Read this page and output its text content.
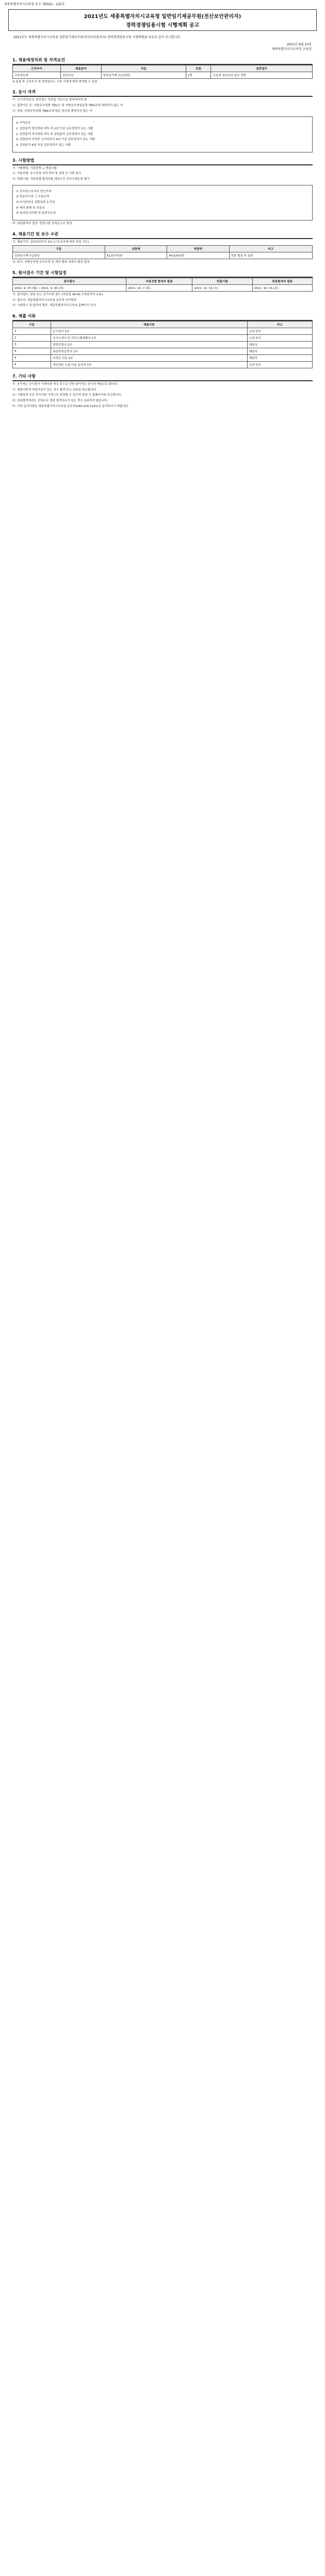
세종특별자치시교육청 공고 제2021 - 225호
2021년도 세종특별자치시교육청 일반임기제공무원(전산보안관리자)
경력경쟁임용시험 시행계획 공고
2021년도 세종특별자치시교육청 일반임기제공무원(전산보안관리자) 경력경쟁임용시험 시행계획을 다음과 같이 공고합니다.
2021년 9월 23일
세종특별자치시교육청 교육감
1. 채용예정직위 및 자격요건
근무부서	채용분야	직급	인원	담당업무
교육정보과	전산보안	일반임기제 (7급상당)	1명	교육청 정보보안 업무 전반

※ 임용 후 근무부서 및 담당업무는 기관 사정에 따라 변경될 수 있음

2. 응시 자격

가. 응시자격요건: 원서접수 마감일 기준으로 충족하여야 함

나. 결격사유 등: 지방공무원법 제31조 및 지방공무원임용령 제65조에 해당하지 않는 자

다. 정년: 지방공무원법 제66조에 따른 정년에 해당하지 않는 자

※ 자격요건

1. 관련분야 학사학위 취득 후 2년 이상 실무경력이 있는 사람

2. 관련분야 석사학위 취득 후 관련분야 실무경력이 있는 사람

3. 관련분야 자격증 소지자로서 4년 이상 실무경력이 있는 사람

4. 관련분야 6년 이상 실무경력이 있는 사람

3. 시험방법

가. 시험방법: 서류전형 → 면접시험

나. 서류전형: 응시자격 적격 여부 및 경력 등 서면 심사

다. 면접시험: 서류전형 합격자를 대상으로 직무수행능력 평가

① 공무원으로서의 정신자세

② 전문지식과 그 응용능력

③ 의사표현의 정확성과 논리성

④ 예의·품행 및 성실성

⑤ 창의력·의지력 및 발전가능성

라. 최종합격자 결정: 면접시험 성적순으로 결정

4. 채용기간 및 보수 수준

가. 채용기간: 임용일로부터 2년 (근무실적에 따라 연장 가능)

구분	상한액	하한액	비고
일반임기제 7급상당	61,677천원	44,524천원	연봉 협상 후 결정

나. 보수: 지방공무원 보수규정 및 예산 범위 내에서 협상 결정

5. 원서접수 기간 및 시험일정
원서접수	서류전형 합격자 발표	면접시험	최종합격자 발표
2021. 9. 27.(월) ~ 2021. 9. 30.(목)	2021. 10. 7.(목)	2021. 10. 13.(수)	2021. 10. 15.(금)

가. 원서접수: 방문 또는 등기우편 접수 (마감일 18:00 도착분까지 유효)

나. 접수처: 세종특별자치시교육청 총무과 인사담당

다. 시험장소 및 합격자 발표: 세종특별자치시교육청 홈페이지 공지

6. 제출 서류
구분	제출서류	비고
1	응시원서 1부	소정 양식
2	자기소개서 및 직무수행계획서 1부	소정 양식
3	경력증명서 1부	해당자
4	최종학력증명서 1부	해당자
5	자격증 사본 1부	해당자
6	개인정보 수집·이용 동의서 1부	소정 양식
7. 기타 사항

가. 응시자는 응시원서 기재사항 착오 등으로 인한 불이익은 응시자 책임으로 합니다.

나. 제출서류에 허위사실이 있는 경우 합격 또는 임용을 취소합니다.

다. 시험일정 등은 부득이한 사정으로 변경될 수 있으며 변경 시 홈페이지에 공고합니다.

라. 최종합격자라도 신원조사 결과 결격사유가 있는 경우 임용하지 않습니다.

마. 기타 문의사항은 세종특별자치시교육청 총무과(044-320-1125)로 문의하시기 바랍니다.
